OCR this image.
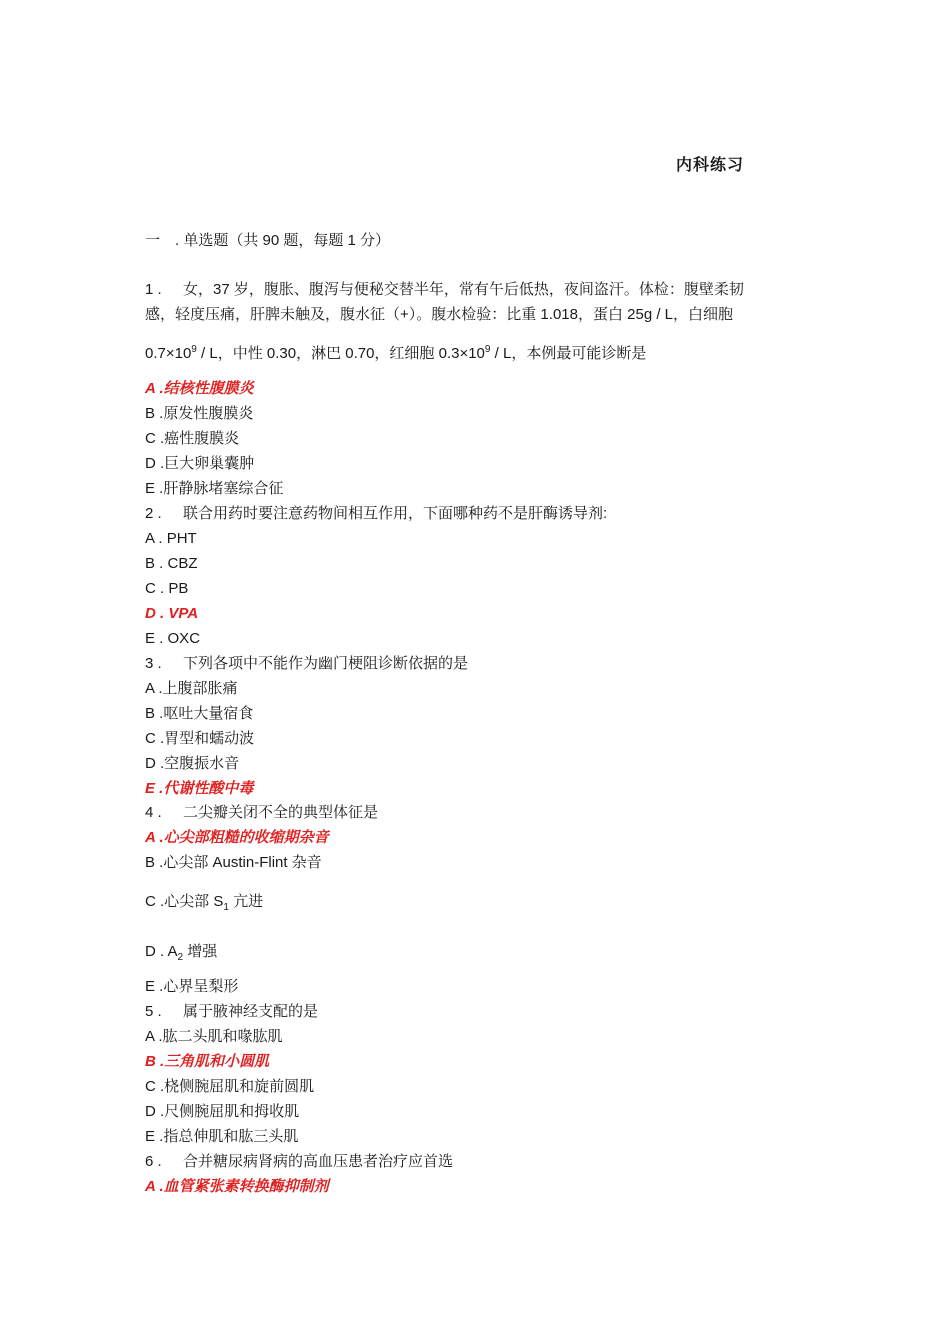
内科练习
一 . 单选题（共 90 题，每题 1 分）
1 . 女，37 岁，腹胀、腹泻与便秘交替半年，常有午后低热，夜间盗汗。体检：腹壁柔韧
感，轻度压痛，肝脾未触及，腹水征（+）。腹水检验：比重 1.018，蛋白 25g / L，白细胞
$0.7\times 10^9 / L$，中性 0.30，淋巴 0.70，红细胞 $0.3\times 10^9 / L$，本例最可能诊断是
A .结核性腹膜炎
B .原发性腹膜炎
C .癌性腹膜炎
D .巨大卵巢囊肿
E .肝静脉堵塞综合征
2 . 联合用药时要注意药物间相互作用，下面哪种药不是肝酶诱导剂:
A . PHT
B . CBZ
C . PB
D . VPA
E . OXC
3 . 下列各项中不能作为幽门梗阻诊断依据的是
A .上腹部胀痛
B .呕吐大量宿食
C .胃型和蠕动波
D .空腹振水音
E .代谢性酸中毒
4 . 二尖瓣关闭不全的典型体征是
A .心尖部粗糙的收缩期杂音
B .心尖部 Austin-Flint 杂音
C .心尖部 $S_1$ 亢进
D . $A_2$ 增强
E .心界呈梨形
5 . 属于腋神经支配的是
A .肱二头肌和喙肱肌
B .三角肌和小圆肌
C .桡侧腕屈肌和旋前圆肌
D .尺侧腕屈肌和拇收肌
E .指总伸肌和肱三头肌
6 . 合并糖尿病肾病的高血压患者治疗应首选
A .血管紧张素转换酶抑制剂
